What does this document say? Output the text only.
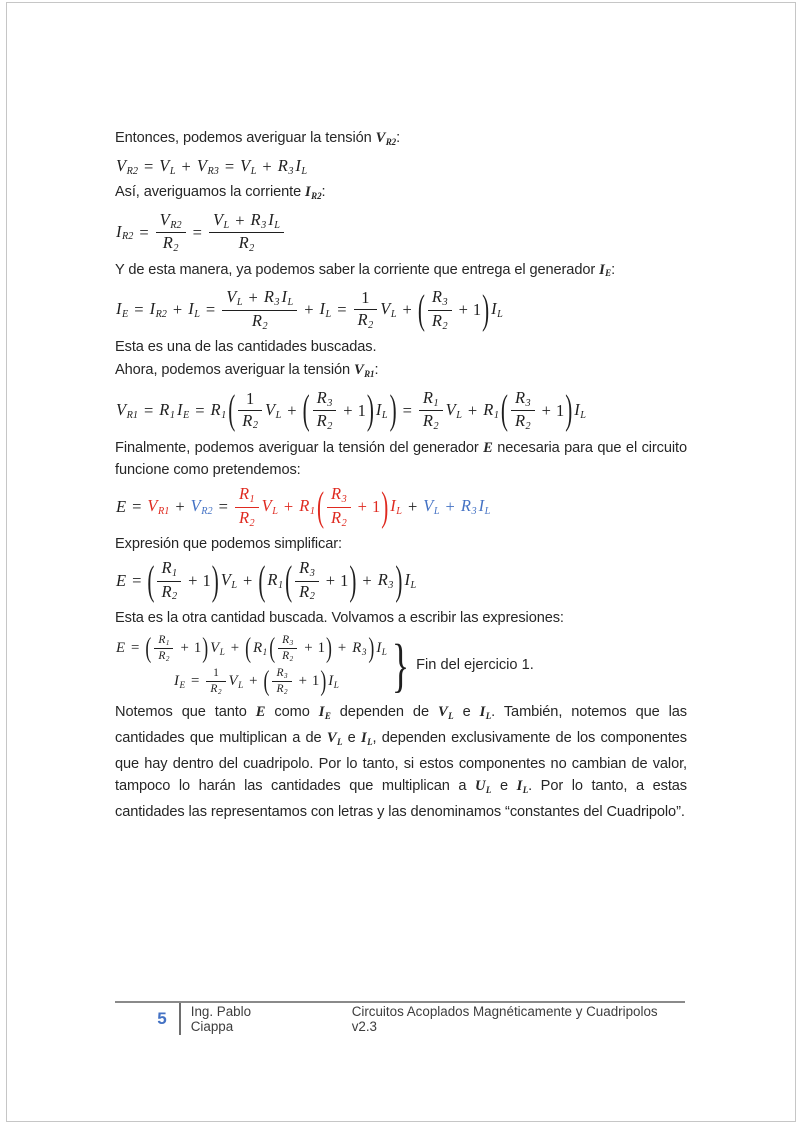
Entonces, podemos averiguar la tensión VR2:

VR2 = VL + VR3 = VL + R3 IL

Así, averiguamos la corriente IR2:

$IR2 = \frac{VR2}{R2} = \frac{VL + R3 IL}{R2}$

Y de esta manera, ya podemos saber la corriente que entrega el generador IE:

IE = IR2 + IL = $\frac{VL + R3 IL}{R2}$ + IL = $\frac{1}{R2}$ VL + ( R3
R2
+ 1 ) IL

Esta es una de las cantidades buscadas.

Ahora, podemos averiguar la tensión VR1:

VR1 = R1 IE = R1 ( 1
R2
VL + ( R3
R2
+ 1 ) IL ) = $\frac{R1}{R2}$ VL + R1 ( R3
R2
+ 1 ) IL

Finalmente, podemos averiguar la tensión del generador E necesaria para que el circuito funcione como pretendemos:

$E = VR1 + VR2 = \frac{R1}{R2}$ VL + R1 ( R3
R2
+ 1 ) IL + VL + R3 IL

Expresión que podemos simplificar:

E = ( R1
R2
+ 1 ) VL + ( R1 ( R3
R2
+ 1 ) + R3 ) IL

Esta es la otra cantidad buscada. Volvamos a escribir las expresiones:

E = ( R1
R2
+ 1 ) VL + ( R1 ( R3
R2
+ 1 ) + R3 ) IL
IE = $\frac{1}{R2}$ VL + ( R3
R2
+ 1 ) IL } Fin del ejercicio 1.

Notemos que tanto E como IE dependen de VL e IL. También, notemos que las cantidades que multiplican a de VL e IL, dependen exclusivamente de los componentes que hay dentro del cuadripolo. Por lo tanto, si estos componentes no cambian de valor, tampoco lo harán las cantidades que multiplican a UL e IL. Por lo tanto, a estas cantidades las representamos con letras y las denominamos “constantes del Cuadripolo”.

5	Ing. Pablo Ciappa
Circuitos Acoplados Magnéticamente y Cuadripolos v2.3
